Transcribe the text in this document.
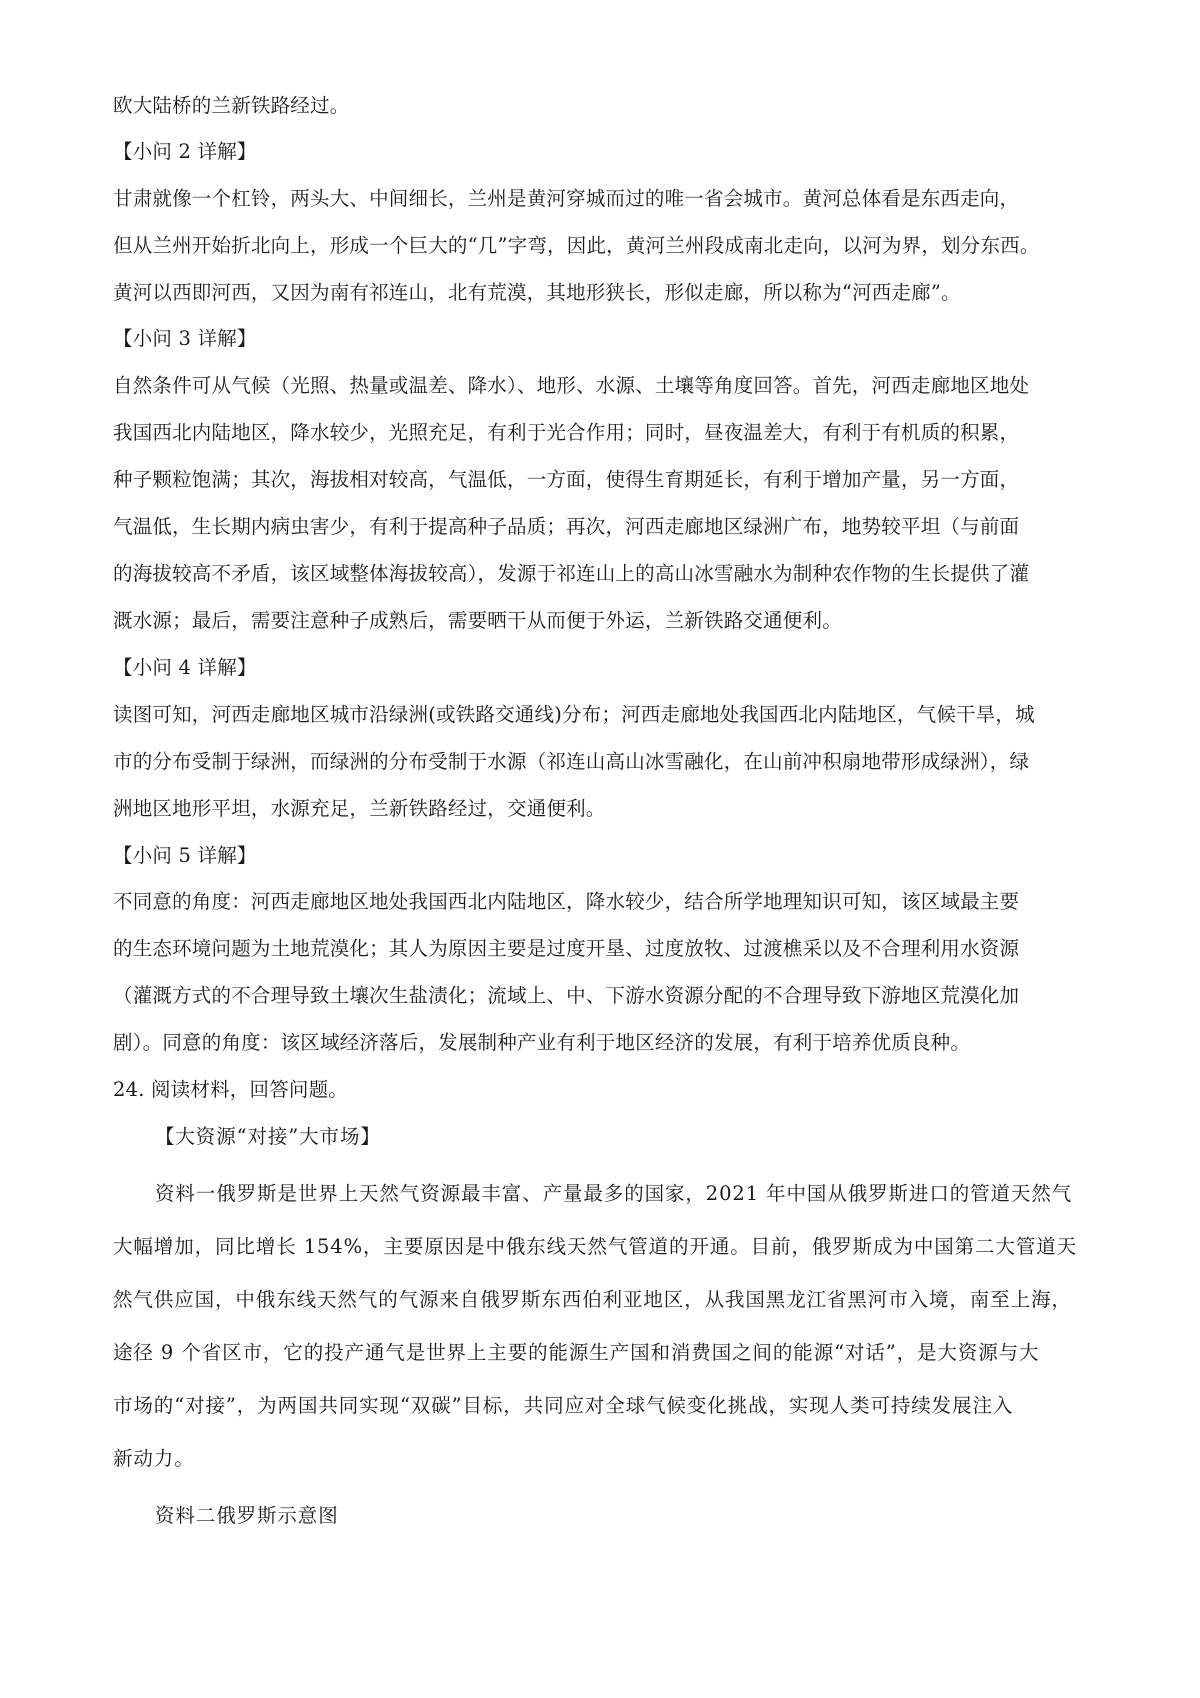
欧大陆桥的兰新铁路经过。
【小问 2 详解】
甘肃就像一个杠铃，两头大、中间细长，兰州是黄河穿城而过的唯一省会城市。黄河总体看是东西走向，
但从兰州开始折北向上，形成一个巨大的“几”字弯，因此，黄河兰州段成南北走向，以河为界，划分东西。
黄河以西即河西，又因为南有祁连山，北有荒漠，其地形狭长，形似走廊，所以称为“河西走廊”。
【小问 3 详解】
自然条件可从气候（光照、热量或温差、降水）、地形、水源、土壤等角度回答。首先，河西走廊地区地处
我国西北内陆地区，降水较少，光照充足，有利于光合作用；同时，昼夜温差大，有利于有机质的积累，
种子颗粒饱满；其次，海拔相对较高，气温低，一方面，使得生育期延长，有利于增加产量，另一方面，
气温低，生长期内病虫害少，有利于提高种子品质；再次，河西走廊地区绿洲广布，地势较平坦（与前面
的海拔较高不矛盾，该区域整体海拔较高），发源于祁连山上的高山冰雪融水为制种农作物的生长提供了灌
溉水源；最后，需要注意种子成熟后，需要晒干从而便于外运，兰新铁路交通便利。
【小问 4 详解】
读图可知，河西走廊地区城市沿绿洲(或铁路交通线)分布；河西走廊地处我国西北内陆地区，气候干旱，城
市的分布受制于绿洲，而绿洲的分布受制于水源（祁连山高山冰雪融化，在山前冲积扇地带形成绿洲），绿
洲地区地形平坦，水源充足，兰新铁路经过，交通便利。
【小问 5 详解】
不同意的角度：河西走廊地区地处我国西北内陆地区，降水较少，结合所学地理知识可知，该区域最主要
的生态环境问题为土地荒漠化；其人为原因主要是过度开垦、过度放牧、过渡樵采以及不合理利用水资源
（灌溉方式的不合理导致土壤次生盐渍化；流域上、中、下游水资源分配的不合理导致下游地区荒漠化加
剧）。同意的角度：该区域经济落后，发展制种产业有利于地区经济的发展，有利于培养优质良种。
24. 阅读材料，回答问题。
【大资源“对接”大市场】
资料一俄罗斯是世界上天然气资源最丰富、产量最多的国家，2021 年中国从俄罗斯进口的管道天然气
大幅增加，同比增长 154%，主要原因是中俄东线天然气管道的开通。目前，俄罗斯成为中国第二大管道天
然气供应国，中俄东线天然气的气源来自俄罗斯东西伯利亚地区，从我国黑龙江省黑河市入境，南至上海，
途径 9 个省区市，它的投产通气是世界上主要的能源生产国和消费国之间的能源“对话”，是大资源与大
市场的“对接”，为两国共同实现“双碳”目标，共同应对全球气候变化挑战，实现人类可持续发展注入
新动力。
资料二俄罗斯示意图
